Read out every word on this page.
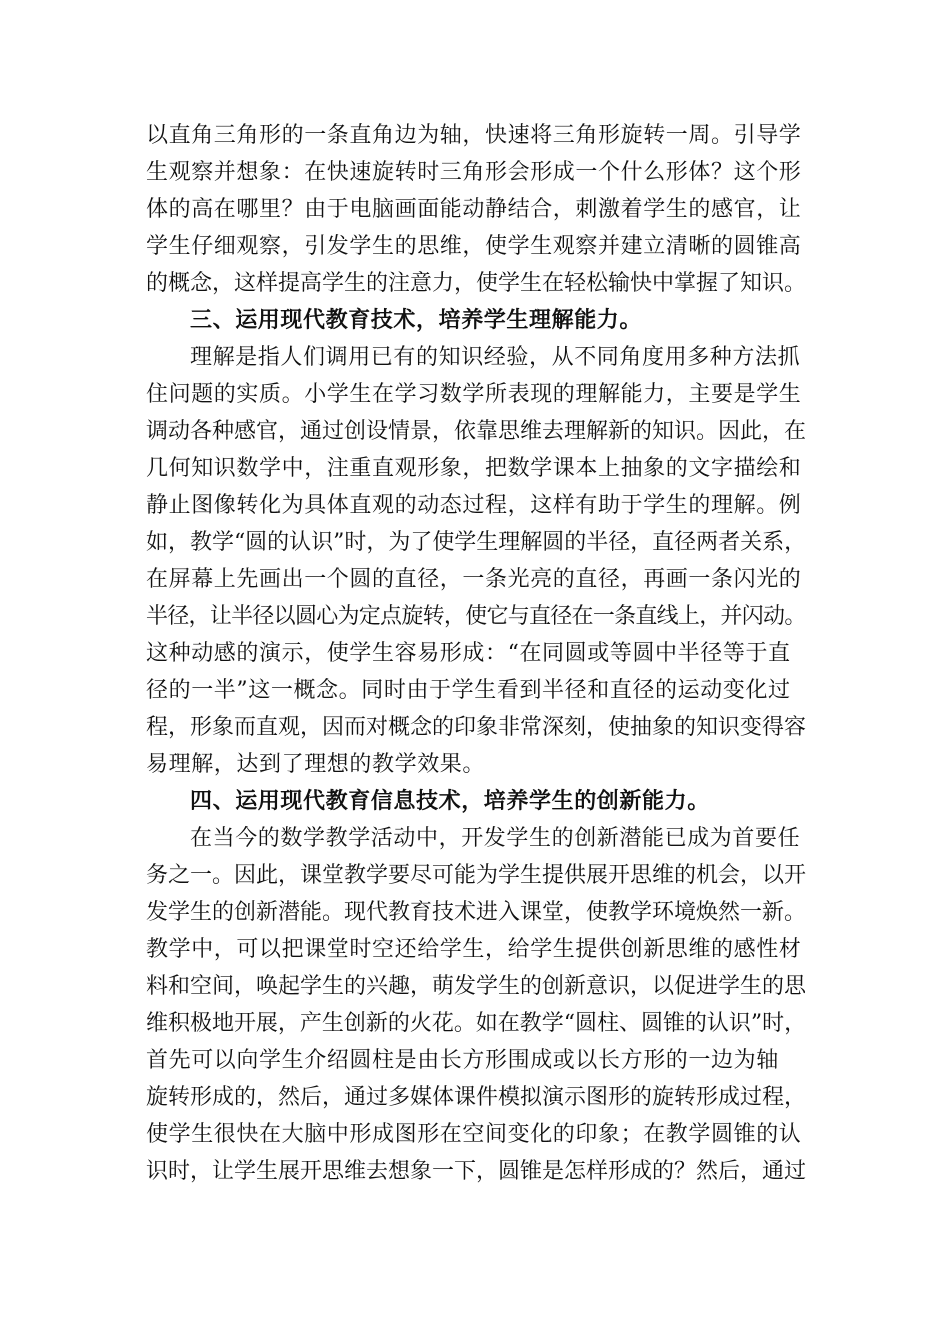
以直角三角形的一条直角边为轴，快速将三角形旋转一周。引导学
生观察并想象：在快速旋转时三角形会形成一个什么形体？这个形
体的高在哪里？由于电脑画面能动静结合，刺激着学生的感官，让
学生仔细观察，引发学生的思维，使学生观察并建立清晰的圆锥高
的概念，这样提高学生的注意力，使学生在轻松输快中掌握了知识。
三、运用现代教育技术，培养学生理解能力。
理解是指人们调用已有的知识经验，从不同角度用多种方法抓
住问题的实质。小学生在学习数学所表现的理解能力，主要是学生
调动各种感官，通过创设情景，依靠思维去理解新的知识。因此，在
几何知识数学中，注重直观形象，把数学课本上抽象的文字描绘和
静止图像转化为具体直观的动态过程，这样有助于学生的理解。例
如，教学“圆的认识”时，为了使学生理解圆的半径，直径两者关系，
在屏幕上先画出一个圆的直径，一条光亮的直径，再画一条闪光的
半径，让半径以圆心为定点旋转，使它与直径在一条直线上，并闪动。
这种动感的演示，使学生容易形成：“在同圆或等圆中半径等于直
径的一半”这一概念。同时由于学生看到半径和直径的运动变化过
程，形象而直观，因而对概念的印象非常深刻，使抽象的知识变得容
易理解，达到了理想的教学效果。
四、运用现代教育信息技术，培养学生的创新能力。
在当今的数学教学活动中，开发学生的创新潜能已成为首要任
务之一。因此，课堂教学要尽可能为学生提供展开思维的机会，以开
发学生的创新潜能。现代教育技术进入课堂，使教学环境焕然一新。
教学中，可以把课堂时空还给学生，给学生提供创新思维的感性材
料和空间，唤起学生的兴趣，萌发学生的创新意识，以促进学生的思
维积极地开展，产生创新的火花。如在教学“圆柱、圆锥的认识”时，
首先可以向学生介绍圆柱是由长方形围成或以长方形的一边为轴
旋转形成的，然后，通过多媒体课件模拟演示图形的旋转形成过程，
使学生很快在大脑中形成图形在空间变化的印象；在教学圆锥的认
识时，让学生展开思维去想象一下，圆锥是怎样形成的？然后，通过
